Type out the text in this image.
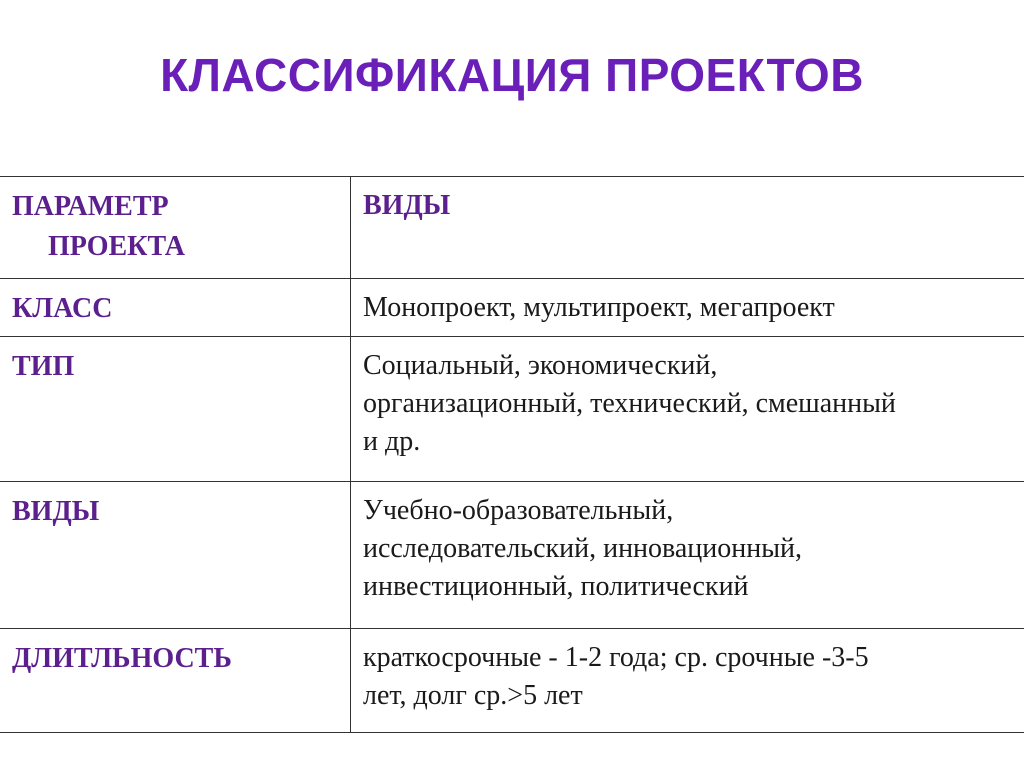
КЛАССИФИКАЦИЯ ПРОЕКТОВ
ПАРАМЕТР
ПРОЕКТА	ВИДЫ

КЛАСС	Монопроект, мультипроект, мегапроект

ТИП	Социальный, экономический,
организационный, технический, смешанный
и др.

ВИДЫ	Учебно-образовательный,
исследовательский, инновационный,
инвестиционный, политический

ДЛИТЛЬНОСТЬ	краткосрочные - 1-2 года; ср. срочные -3-5
лет, долг ср.>5 лет
